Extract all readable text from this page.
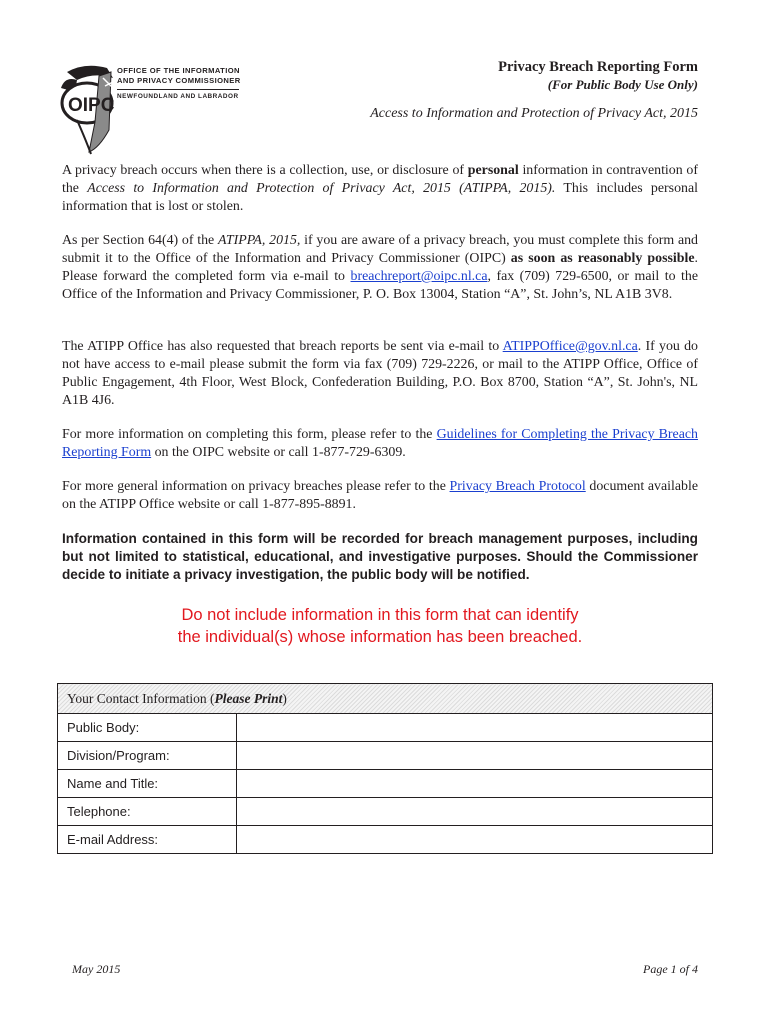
OIPC
OFFICE OF THE INFORMATION
AND PRIVACY COMMISSIONER
NEWFOUNDLAND AND LABRADOR
Privacy Breach Reporting Form
(For Public Body Use Only)
Access to Information and Protection of Privacy Act, 2015
A privacy breach occurs when there is a collection, use, or disclosure of personal information in contravention of the Access to Information and Protection of Privacy Act, 2015 (ATIPPA, 2015). This includes personal information that is lost or stolen.
As per Section 64(4) of the ATIPPA, 2015, if you are aware of a privacy breach, you must complete this form and submit it to the Office of the Information and Privacy Commissioner (OIPC) as soon as reasonably possible. Please forward the completed form via e-mail to breachreport@oipc.nl.ca, fax (709) 729-6500, or mail to the Office of the Information and Privacy Commissioner, P. O. Box 13004, Station “A”, St. John’s, NL A1B 3V8.
The ATIPP Office has also requested that breach reports be sent via e-mail to ATIPPOffice@gov.nl.ca. If you do not have access to e-mail please submit the form via fax (709) 729-2226, or mail to the ATIPP Office, Office of Public Engagement, 4th Floor, West Block, Confederation Building, P.O. Box 8700, Station “A”, St. John's, NL A1B 4J6.
For more information on completing this form, please refer to the Guidelines for Completing the Privacy Breach Reporting Form on the OIPC website or call 1-877-729-6309.
For more general information on privacy breaches please refer to the Privacy Breach Protocol document available on the ATIPP Office website or call 1-877-895-8891.
Information contained in this form will be recorded for breach management purposes, including but not limited to statistical, educational, and investigative purposes. Should the Commissioner decide to initiate a privacy investigation, the public body will be notified.
Do not include information in this form that can identify
the individual(s) whose information has been breached.
Your Contact Information (Please Print)	
Public Body:	
Division/Program:	
Name and Title:	
Telephone:	
E-mail Address:	
May 2015	Page 1 of 4
